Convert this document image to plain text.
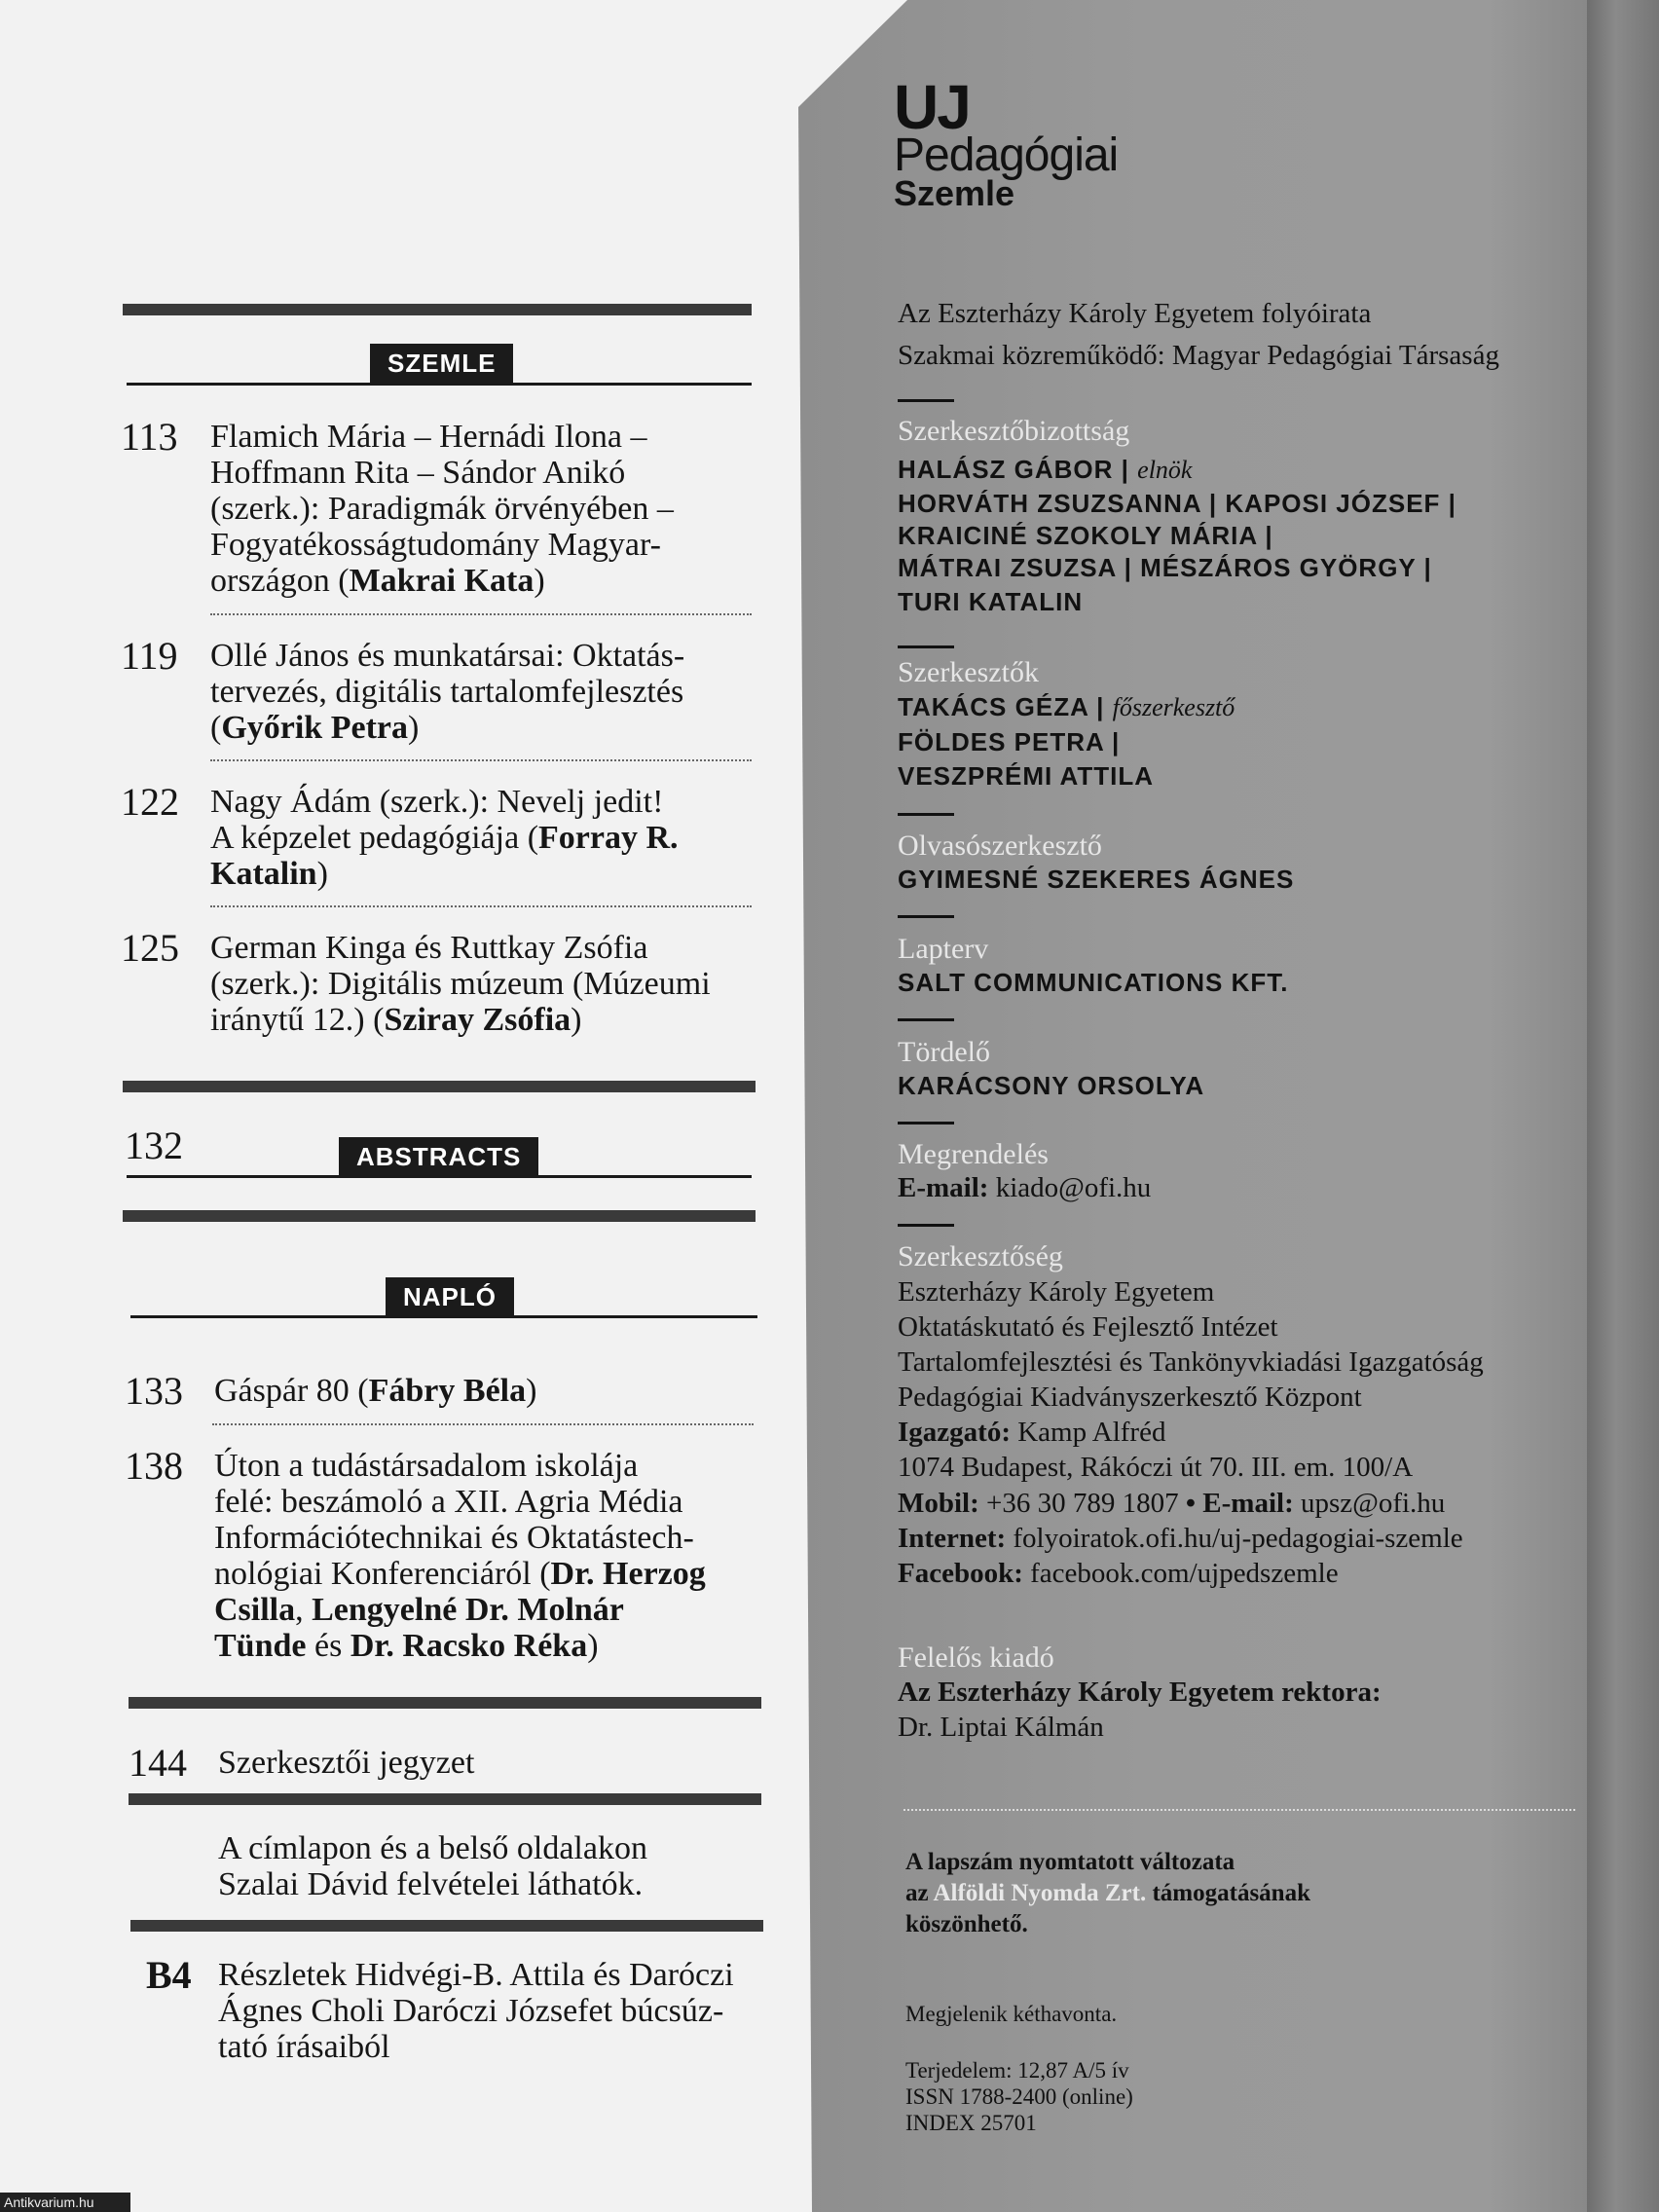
SZEMLE
113 Flamich Mária – Hernádi Ilona –
Hoffmann Rita – Sándor Anikó
(szerk.): Paradigmák örvényében –
Fogyatékosságtudomány Magyar-
országon (Makrai Kata)
119 Ollé János és munkatársai: Oktatás-
tervezés, digitális tartalomfejlesztés
(Győrik Petra)
122 Nagy Ádám (szerk.): Nevelj jedit!
A képzelet pedagógiája (Forray R.
Katalin)
125 German Kinga és Ruttkay Zsófia
(szerk.): Digitális múzeum (Múzeumi
iránytű 12.) (Sziray Zsófia)
132	ABSTRACTS
NAPLÓ
133 Gáspár 80 (Fábry Béla)
138 Úton a tudástársadalom iskolája
felé: beszámoló a XII. Agria Média
Információtechnikai és Oktatástech-
nológiai Konferenciáról (Dr. Herzog
Csilla, Lengyelné Dr. Molnár
Tünde és Dr. Racsko Réka)
144 Szerkesztői jegyzet
A címlapon és a belső oldalakon
Szalai Dávid felvételei láthatók.
B4 Részletek Hidvégi-B. Attila és Daróczi
Ágnes Choli Daróczi Józsefet búcsúz-
tató írásaiból
Antikvarium.hu
UJ
Pedagógiai
Szemle
Az Eszterházy Károly Egyetem folyóirata
Szakmai közreműködő: Magyar Pedagógiai Társaság
Szerkesztőbizottság
HALÁSZ GÁBOR | elnök
HORVÁTH ZSUZSANNA | KAPOSI JÓZSEF |
KRAICINÉ SZOKOLY MÁRIA |
MÁTRAI ZSUZSA | MÉSZÁROS GYÖRGY |
TURI KATALIN
Szerkesztők
TAKÁCS GÉZA | főszerkesztő
FÖLDES PETRA |
VESZPRÉMI ATTILA
Olvasószerkesztő
GYIMESNÉ SZEKERES ÁGNES
Lapterv
SALT COMMUNICATIONS KFT.
Tördelő
KARÁCSONY ORSOLYA
Megrendelés
E-mail: kiado@ofi.hu
Szerkesztőség
Eszterházy Károly Egyetem
Oktatáskutató és Fejlesztő Intézet
Tartalomfejlesztési és Tankönyvkiadási Igazgatóság
Pedagógiai Kiadványszerkesztő Központ
Igazgató: Kamp Alfréd
1074 Budapest, Rákóczi út 70. III. em. 100/A
Mobil: +36 30 789 1807 • E-mail: upsz@ofi.hu
Internet: folyoiratok.ofi.hu/uj-pedagogiai-szemle
Facebook: facebook.com/ujpedszemle
Felelős kiadó
Az Eszterházy Károly Egyetem rektora:
Dr. Liptai Kálmán
A lapszám nyomtatott változata
az Alföldi Nyomda Zrt. támogatásának
köszönhető.
Megjelenik kéthavonta.
Terjedelem: 12,87 A/5 ív
ISSN 1788-2400 (online)
INDEX 25701
